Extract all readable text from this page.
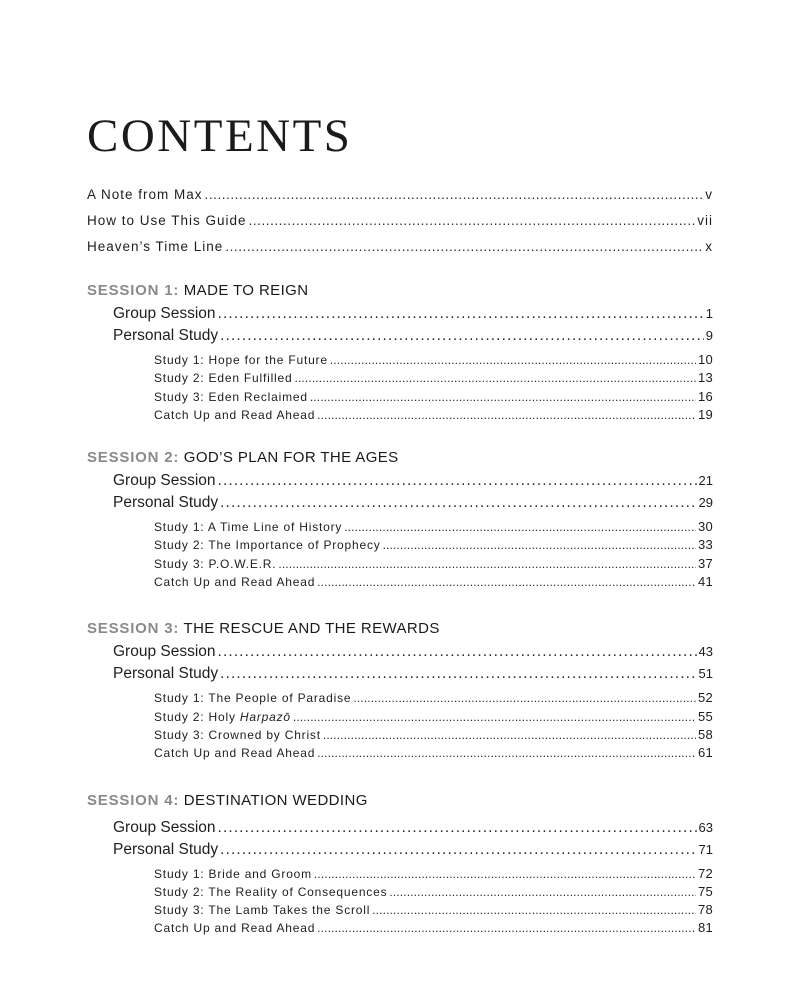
CONTENTS
A Note from Max . . .	v
How to Use This Guide . . .	vii
Heaven’s Time Line . . .	x
SESSION 1: MADE TO REIGN
Group Session . . .	1
Personal Study . . .	9
Study 1: Hope for the Future . . .	10
Study 2: Eden Fulfilled . . .	13
Study 3: Eden Reclaimed . . .	16
Catch Up and Read Ahead . . .	19
SESSION 2: GOD’S PLAN FOR THE AGES
Group Session . . .	21
Personal Study . . .	29
Study 1: A Time Line of History . . .	30
Study 2: The Importance of Prophecy . . .	33
Study 3: P.O.W.E.R. . . .	37
Catch Up and Read Ahead . . .	41
SESSION 3: THE RESCUE AND THE REWARDS
Group Session . . .	43
Personal Study . . .	51
Study 1: The People of Paradise . . .	52
Study 2: Holy Harpazō . . .	55
Study 3: Crowned by Christ . . .	58
Catch Up and Read Ahead . . .	61
SESSION 4: DESTINATION WEDDING
Group Session . . .	63
Personal Study . . .	71
Study 1: Bride and Groom . . .	72
Study 2: The Reality of Consequences . . .	75
Study 3: The Lamb Takes the Scroll . . .	78
Catch Up and Read Ahead . . .	81
